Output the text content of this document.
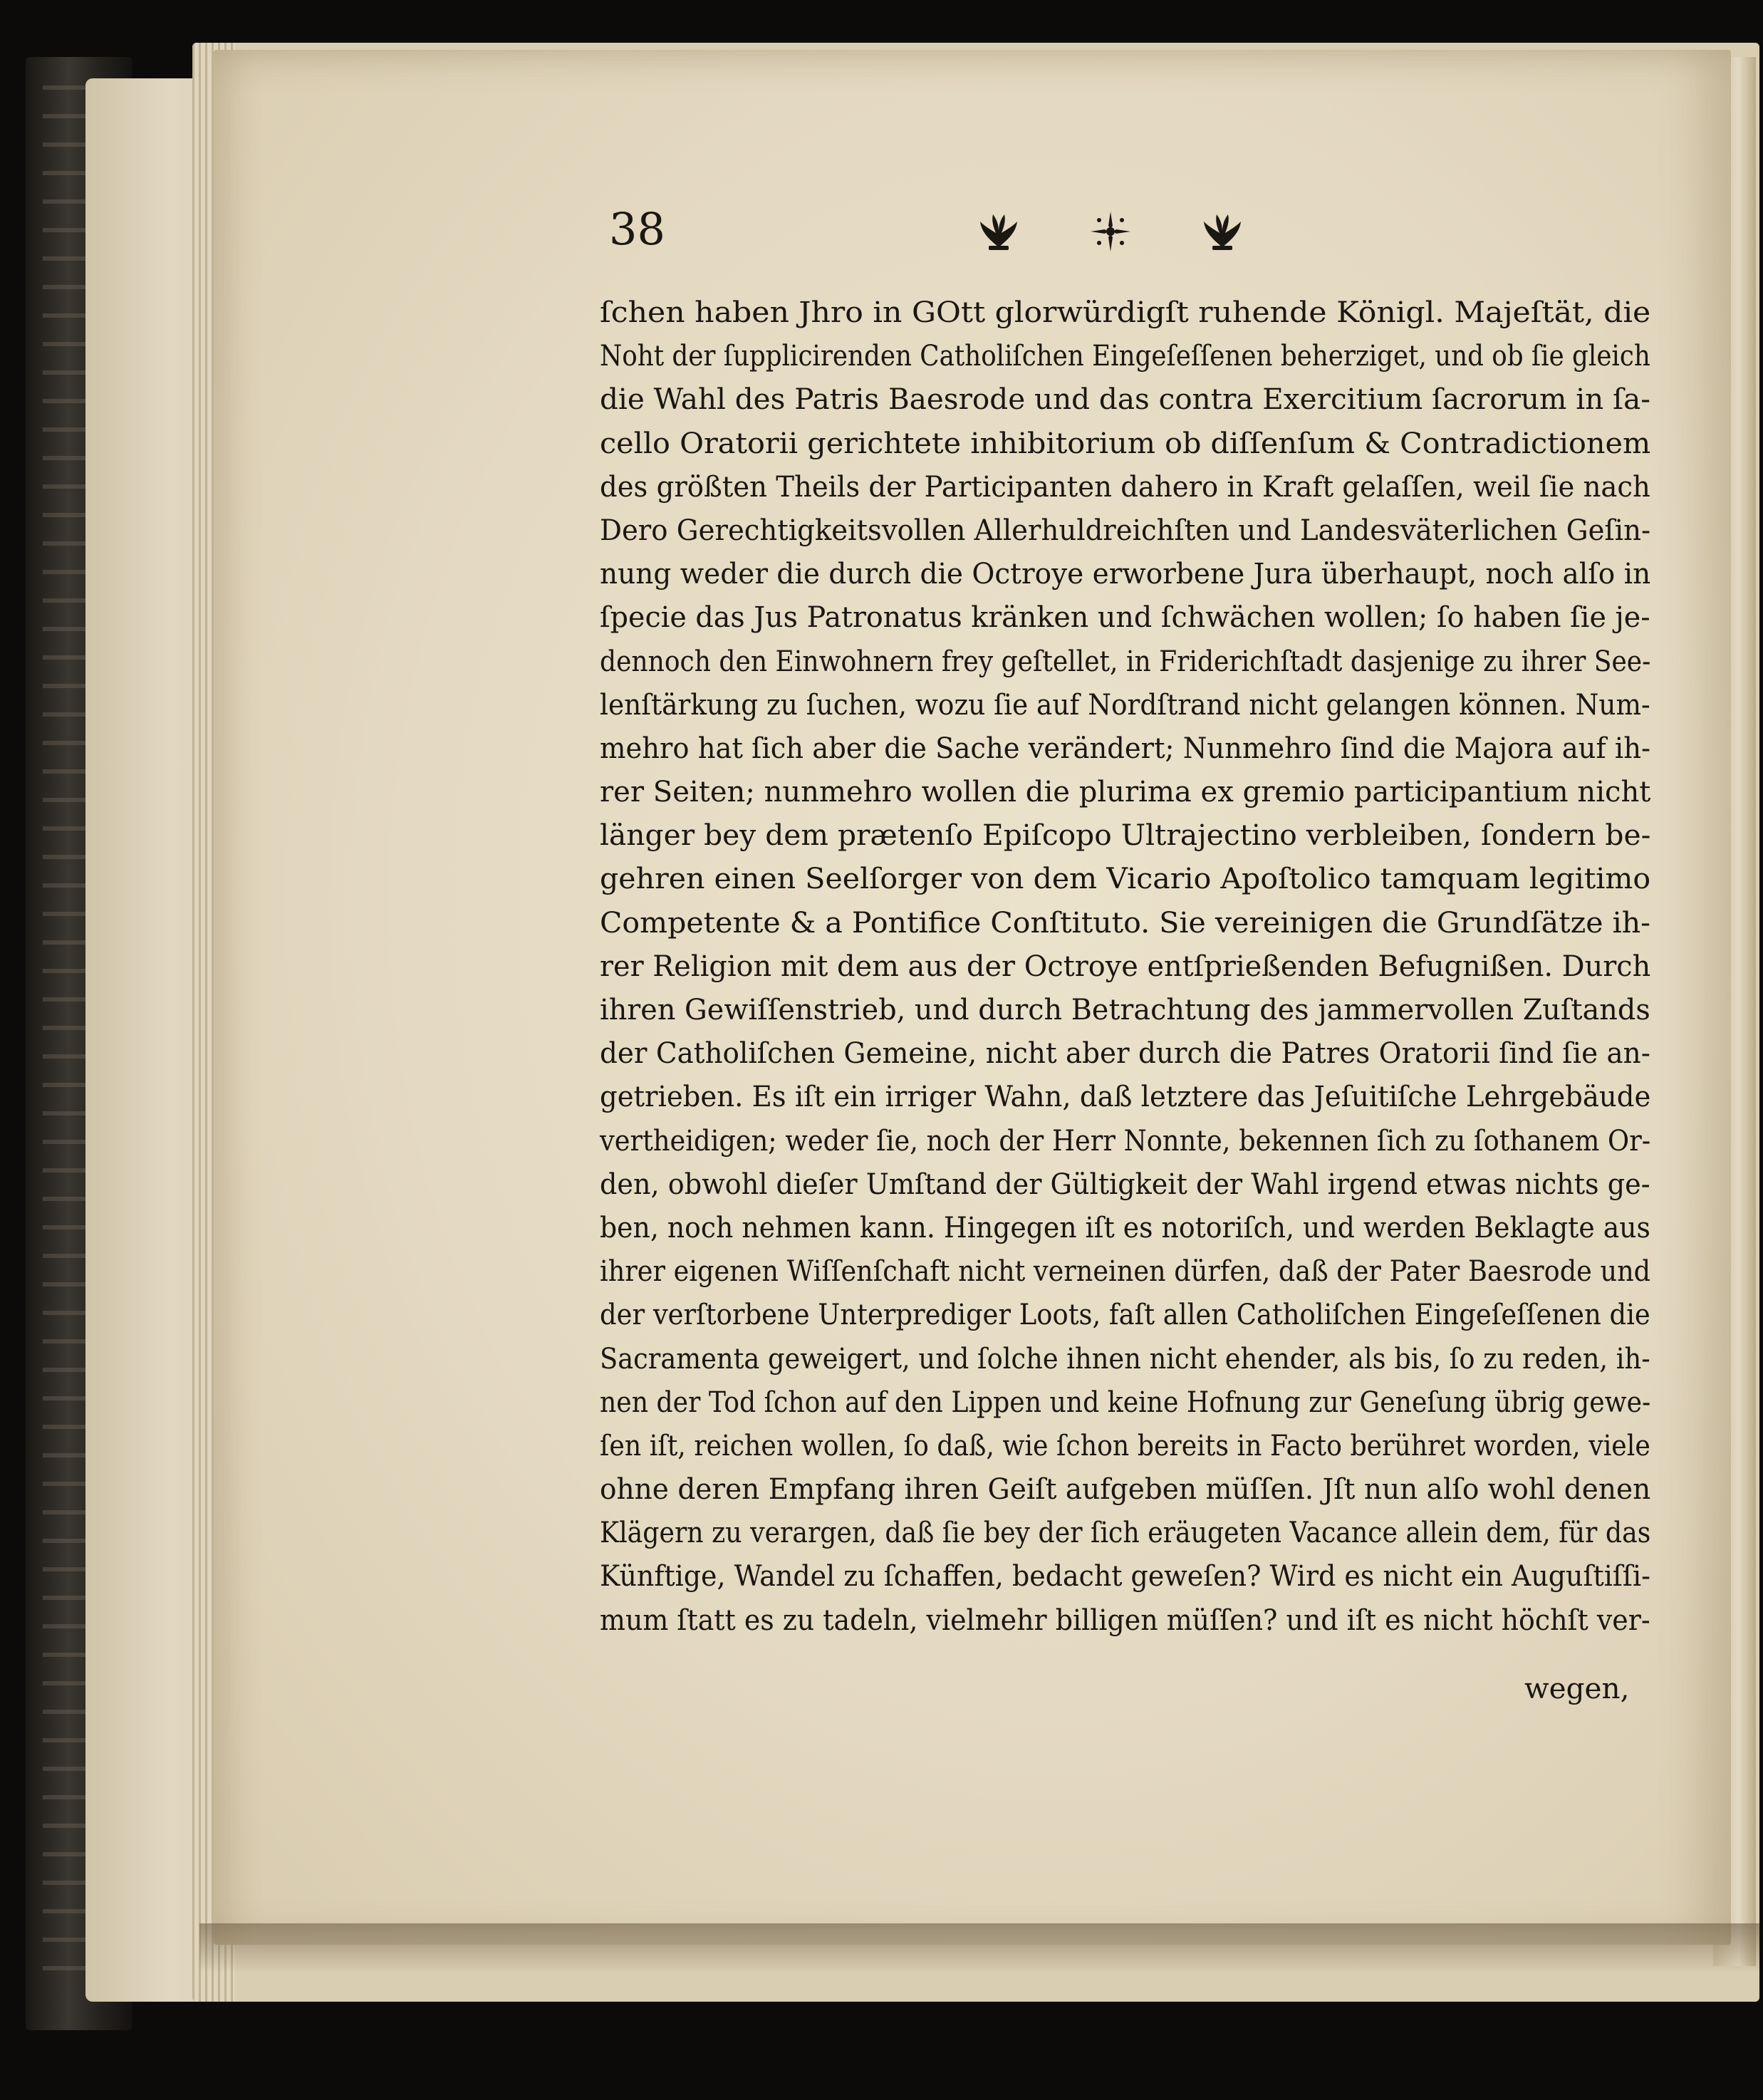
38
ſchen haben Jhro in GOtt glorwürdigſt ruhende Königl. Majeſtät, die
Noht der ſupplicirenden Catholiſchen Eingeſeſſenen beherziget, und ob ſie gleich
die Wahl des Patris Baesrode und das contra Exercitium ſacrorum in ſa-
cello Oratorii gerichtete inhibitorium ob diſſenſum & Contradictionem
des größten Theils der Participanten dahero in Kraft gelaſſen, weil ſie nach
Dero Gerechtigkeitsvollen Allerhuldreichſten und Landesväterlichen Geſin-
nung weder die durch die Octroye erworbene Jura überhaupt, noch alſo in
ſpecie das Jus Patronatus kränken und ſchwächen wollen; ſo haben ſie je-
dennoch den Einwohnern frey geſtellet, in Friderichſtadt dasjenige zu ihrer See-
lenſtärkung zu ſuchen, wozu ſie auf Nordſtrand nicht gelangen können. Num-
mehro hat ſich aber die Sache verändert; Nunmehro ſind die Majora auf ih-
rer Seiten; nunmehro wollen die plurima ex gremio participantium nicht
länger bey dem prætenſo Epiſcopo Ultrajectino verbleiben, ſondern be-
gehren einen Seelſorger von dem Vicario Apoſtolico tamquam legitimo
Competente & a Pontifice Conſtituto. Sie vereinigen die Grundſätze ih-
rer Religion mit dem aus der Octroye entſprießenden Befugnißen. Durch
ihren Gewiſſenstrieb, und durch Betrachtung des jammervollen Zuſtands
der Catholiſchen Gemeine, nicht aber durch die Patres Oratorii ſind ſie an-
getrieben. Es iſt ein irriger Wahn, daß letztere das Jeſuitiſche Lehrgebäude
vertheidigen; weder ſie, noch der Herr Nonnte, bekennen ſich zu ſothanem Or-
den, obwohl dieſer Umſtand der Gültigkeit der Wahl irgend etwas nichts ge-
ben, noch nehmen kann. Hingegen iſt es notoriſch, und werden Beklagte aus
ihrer eigenen Wiſſenſchaft nicht verneinen dürfen, daß der Pater Baesrode und
der verſtorbene Unterprediger Loots, faſt allen Catholiſchen Eingeſeſſenen die
Sacramenta geweigert, und ſolche ihnen nicht ehender, als bis, ſo zu reden, ih-
nen der Tod ſchon auf den Lippen und keine Hofnung zur Geneſung übrig gewe-
ſen iſt, reichen wollen, ſo daß, wie ſchon bereits in Facto berühret worden, viele
ohne deren Empfang ihren Geiſt aufgeben müſſen. Jſt nun alſo wohl denen
Klägern zu verargen, daß ſie bey der ſich eräugeten Vacance allein dem, für das
Künftige, Wandel zu ſchaffen, bedacht geweſen? Wird es nicht ein Auguſtiſſi-
mum ſtatt es zu tadeln, vielmehr billigen müſſen? und iſt es nicht höchſt ver-
wegen,
